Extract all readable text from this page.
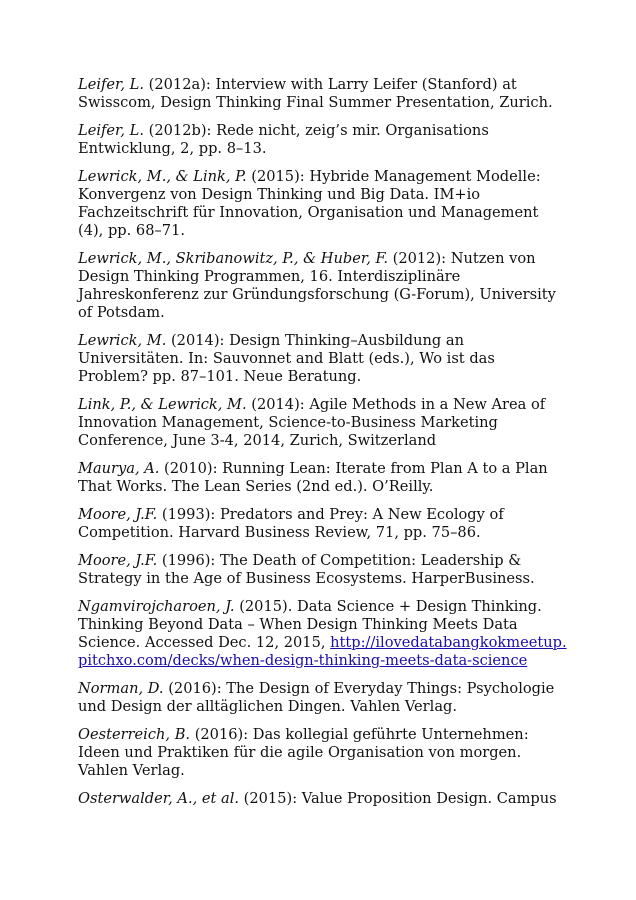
Leifer, L. (2012a): Interview with Larry Leifer (Stanford) at Swisscom, Design Thinking Final Summer Presentation, Zurich.

Leifer, L. (2012b): Rede nicht, zeig’s mir. Organisations Entwicklung, 2, pp. 8–13.

Lewrick, M., & Link, P. (2015): Hybride Management Modelle: Konvergenz von Design Thinking und Big Data. IM+io Fachzeitschrift für Innovation, Organisation und Management (4), pp. 68–71.

Lewrick, M., Skribanowitz, P., & Huber, F. (2012): Nutzen von Design Thinking Programmen, 16. Interdisziplinäre Jahreskonferenz zur Gründungsforschung (G-Forum), University of Potsdam.

Lewrick, M. (2014): Design Thinking–Ausbildung an Universitäten. In: Sauvonnet and Blatt (eds.), Wo ist das Problem? pp. 87–101. Neue Beratung.

Link, P., & Lewrick, M. (2014): Agile Methods in a New Area of Innovation Management, Science-to-Business Marketing Conference, June 3-4, 2014, Zurich, Switzerland

Maurya, A. (2010): Running Lean: Iterate from Plan A to a Plan That Works. The Lean Series (2nd ed.). O’Reilly.

Moore, J.F. (1993): Predators and Prey: A New Ecology of Competition. Harvard Business Review, 71, pp. 75–86.

Moore, J.F. (1996): The Death of Competition: Leadership & Strategy in the Age of Business Ecosystems. HarperBusiness.

Ngamvirojcharoen, J. (2015). Data Science + Design Thinking. Thinking Beyond Data – When Design Thinking Meets Data Science. Accessed Dec. 12, 2015, http://ilovedatabangkokmeetup.pitchxo.com/decks/when-design-thinking-meets-data-science

Norman, D. (2016): The Design of Everyday Things: Psychologie und Design der alltäglichen Dingen. Vahlen Verlag.

Oesterreich, B. (2016): Das kollegial geführte Unternehmen: Ideen und Praktiken für die agile Organisation von morgen. Vahlen Verlag.

Osterwalder, A., et al. (2015): Value Proposition Design. Campus
